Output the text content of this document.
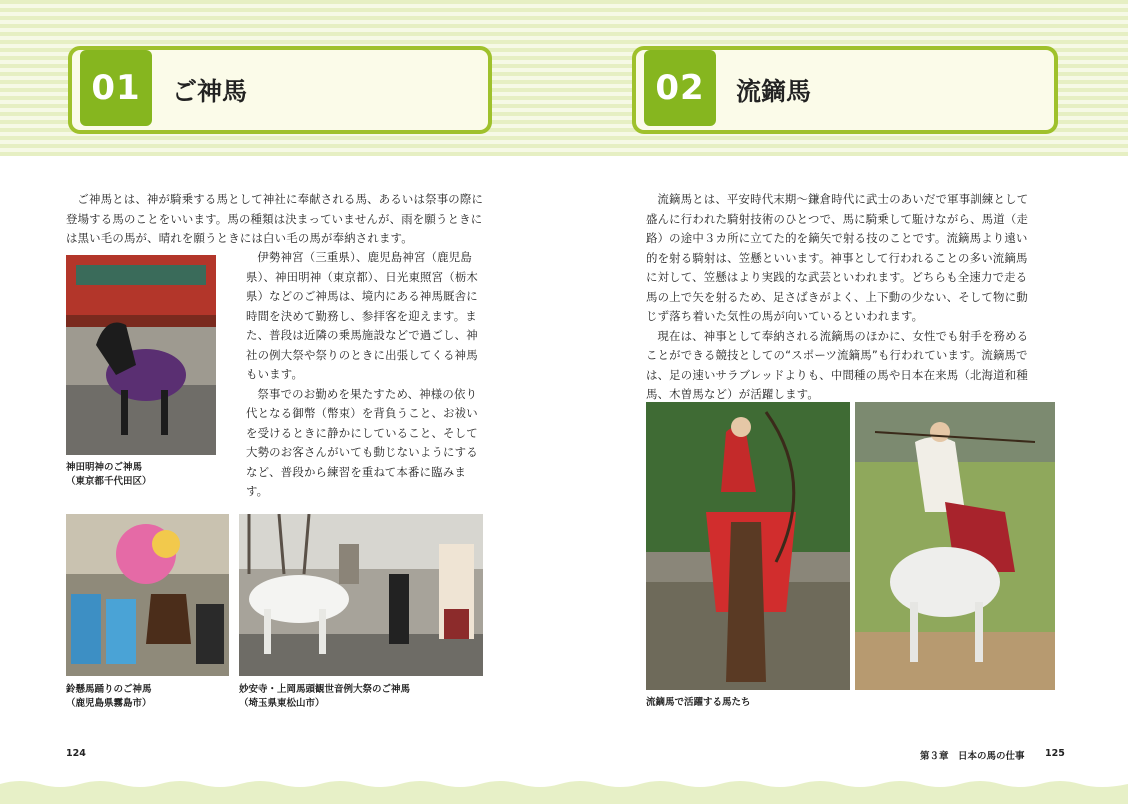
01	ご神馬	02	流鏑馬

ご神馬とは、神が騎乗する馬として神社に奉献される馬、あるいは祭事の際に登場する馬のことをいいます。馬の種類は決まっていませんが、雨を願うときには黒い毛の馬が、晴れを願うときには白い毛の馬が奉納されます。

伊勢神宮（三重県）、鹿児島神宮（鹿児島県）、神田明神（東京都）、日光東照宮（栃木県）などのご神馬は、境内にある神馬厩舎に時間を決めて勤務し、参拝客を迎えます。また、普段は近隣の乗馬施設などで過ごし、神社の例大祭や祭りのときに出張してくる神馬もいます。

祭事でのお勤めを果たすため、神様の依り代となる御幣（幣束）を背負うこと、お祓いを受けるときに静かにしていること、そして大勢のお客さんがいても動じないようにするなど、普段から練習を重ねて本番に臨みます。

神田明神のご神馬
（東京都千代田区）
鈴懸馬踊りのご神馬
（鹿児島県霧島市）
妙安寺・上岡馬頭観世音例大祭のご神馬
（埼玉県東松山市）

流鏑馬とは、平安時代末期～鎌倉時代に武士のあいだで軍事訓練として盛んに行われた騎射技術のひとつで、馬に騎乗して駈けながら、馬道（走路）の途中３カ所に立てた的を鏑矢で射る技のことです。流鏑馬より遠い的を射る騎射は、笠懸といいます。神事として行われることの多い流鏑馬に対して、笠懸はより実践的な武芸といわれます。どちらも全速力で走る馬の上で矢を射るため、足さばきがよく、上下動の少ない、そして物に動じず落ち着いた気性の馬が向いているといわれます。

現在は、神事として奉納される流鏑馬のほかに、女性でも射手を務めることができる競技としての“スポーツ流鏑馬”も行われています。流鏑馬では、足の速いサラブレッドよりも、中間種の馬や日本在来馬（北海道和種馬、木曽馬など）が活躍します。

流鏑馬で活躍する馬たち
124	第３章　日本の馬の仕事 125
